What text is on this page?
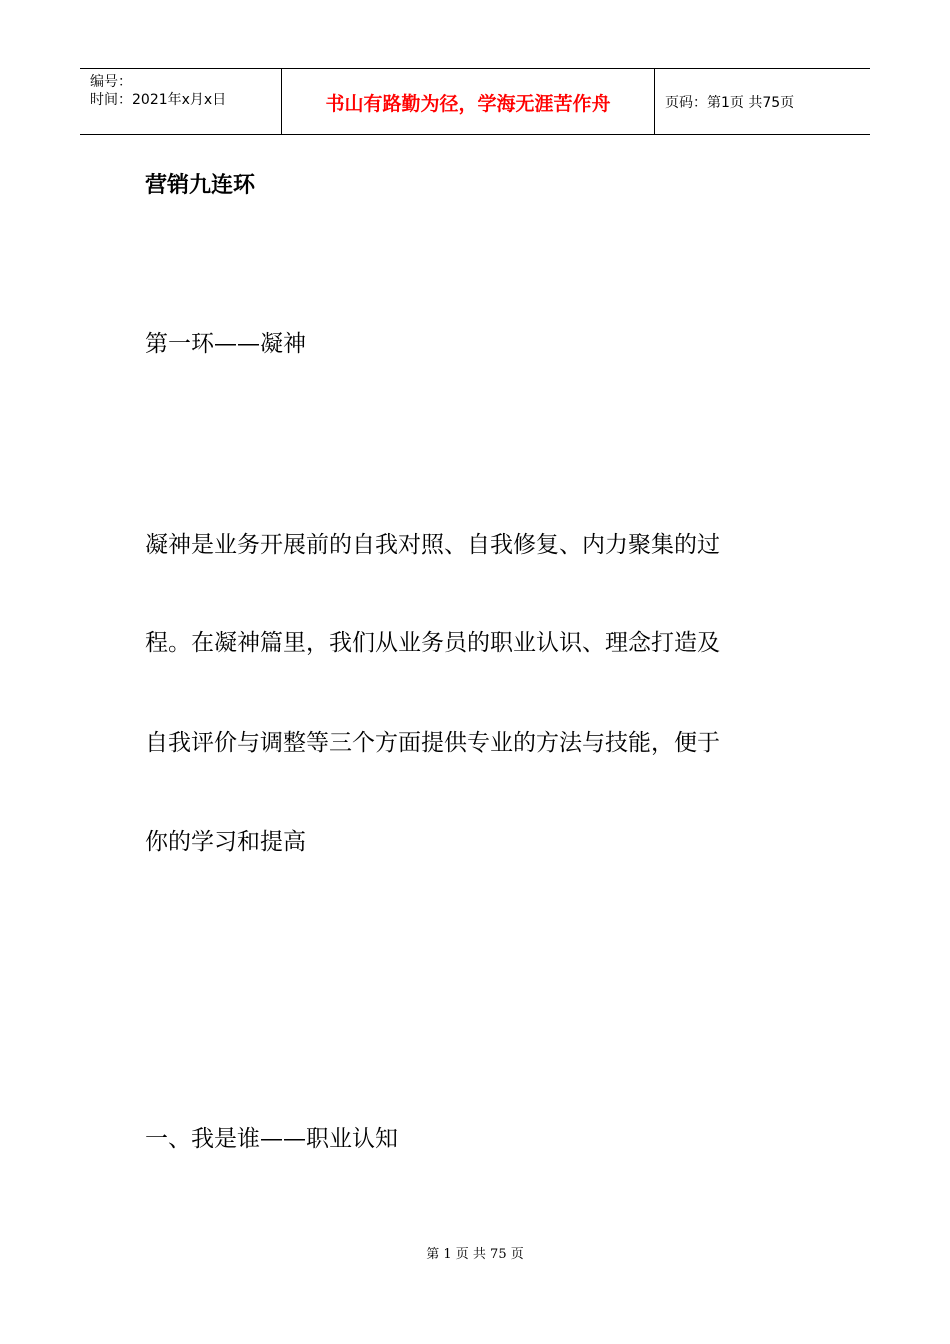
编号：
时间：2021年x月x日	书山有路勤为径，学海无涯苦作舟	页码：第1页 共75页
营销九连环
第一环——凝神
凝神是业务开展前的自我对照、自我修复、内力聚集的过
程。在凝神篇里，我们从业务员的职业认识、理念打造及
自我评价与调整等三个方面提供专业的方法与技能，便于
你的学习和提高
一、我是谁——职业认知
第 1 页 共 75 页
